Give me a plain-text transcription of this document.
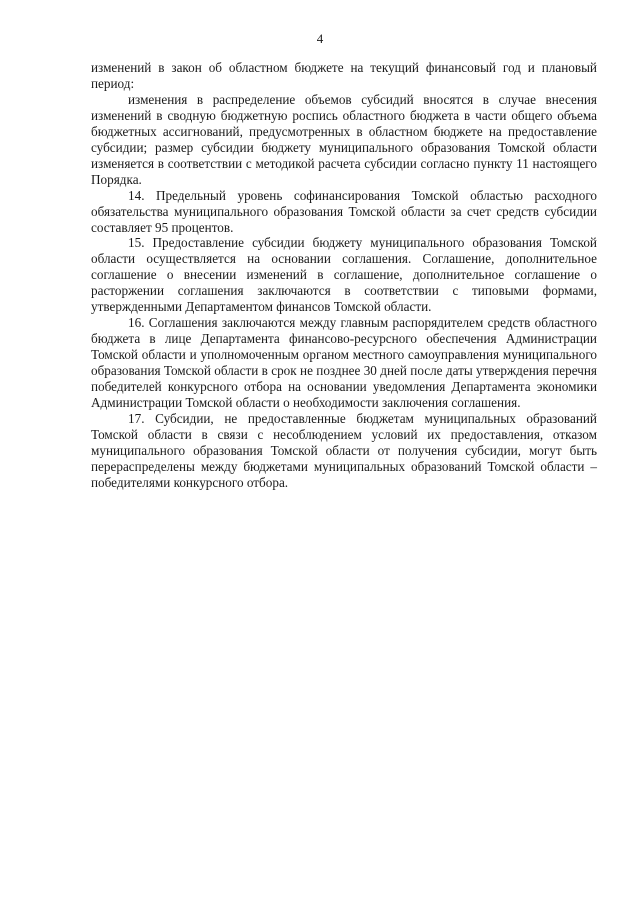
4

изменений в закон об областном бюджете на текущий финансовый год и плановый период:

изменения в распределение объемов субсидий вносятся в случае внесения изменений в сводную бюджетную роспись областного бюджета в части общего объема бюджетных ассигнований, предусмотренных в областном бюджете на предоставление субсидии; размер субсидии бюджету муниципального образования Томской области изменяется в соответствии с методикой расчета субсидии согласно пункту 11 настоящего Порядка.

14. Предельный уровень софинансирования Томской областью расходного обязательства муниципального образования Томской области за счет средств субсидии составляет 95 процентов.

15. Предоставление субсидии бюджету муниципального образования Томской области осуществляется на основании соглашения. Соглашение, дополнительное соглашение о внесении изменений в соглашение, дополнительное соглашение о расторжении соглашения заключаются в соответствии с типовыми формами, утвержденными Департаментом финансов Томской области.

16. Соглашения заключаются между главным распорядителем средств областного бюджета в лице Департамента финансово-ресурсного обеспечения Администрации Томской области и уполномоченным органом местного самоуправления муниципального образования Томской области в срок не позднее 30 дней после даты утверждения перечня победителей конкурсного отбора на основании уведомления Департамента экономики Администрации Томской области о необходимости заключения соглашения.

17. Субсидии, не предоставленные бюджетам муниципальных образований Томской области в связи с несоблюдением условий их предоставления, отказом муниципального образования Томской области от получения субсидии, могут быть перераспределены между бюджетами муниципальных образований Томской области – победителями конкурсного отбора.
